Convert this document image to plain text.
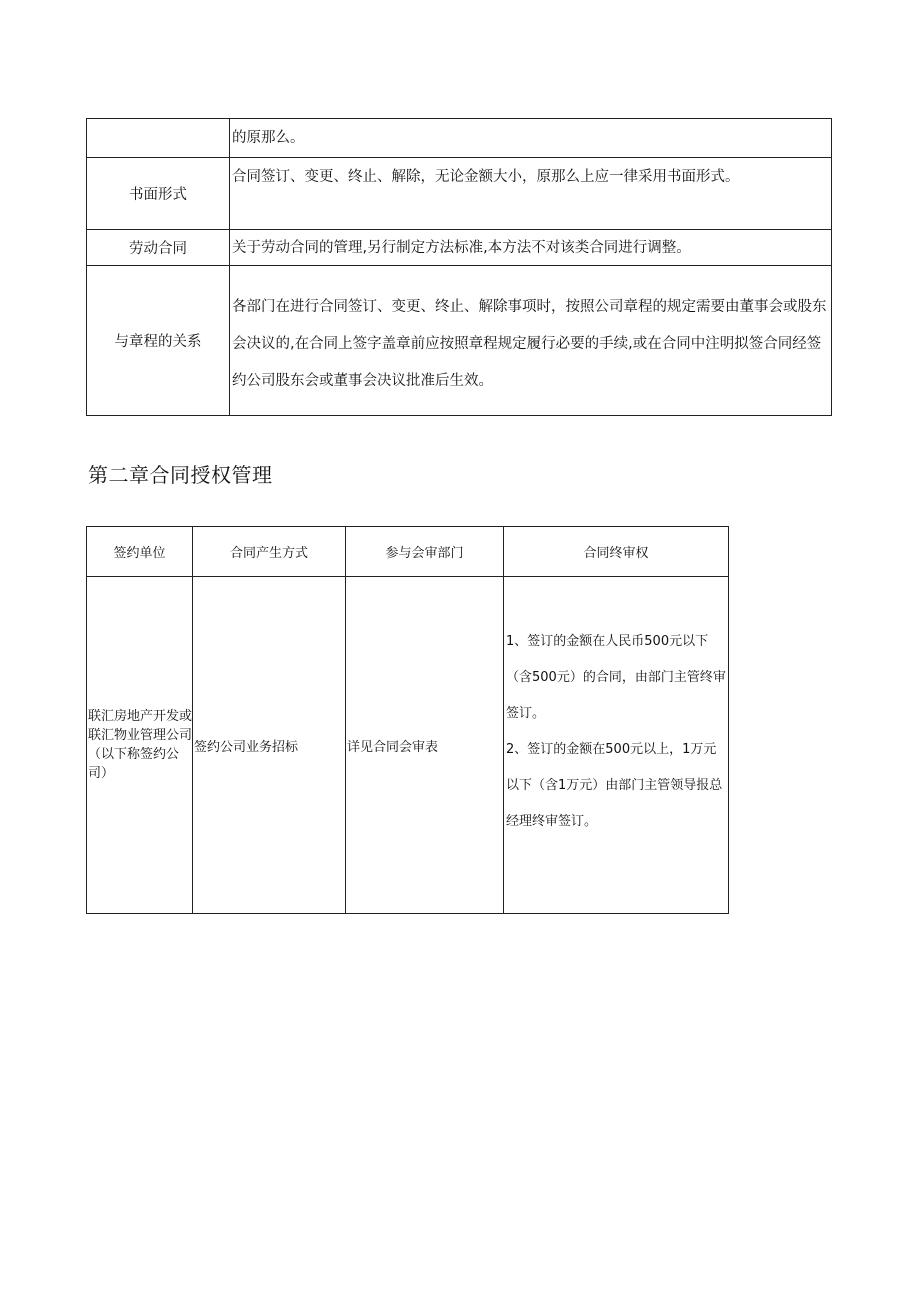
	的原那么。
书面形式	合同签订、变更、终止、解除，无论金额大小，原那么上应一律采用书面形式。
劳动合同	关于劳动合同的管理,另行制定方法标准,本方法不对该类合同进行调整。
与章程的关系	各部门在进行合同签订、变更、终止、解除事项时，按照公司章程的规定需要由董事会或股东会决议的,在合同上签字盖章前应按照章程规定履行必要的手续,或在合同中注明拟签合同经签约公司股东会或董事会决议批准后生效。
第二章合同授权管理
签约单位	合同产生方式	参与会审部门	合同终审权
联汇房地产开发或联汇物业管理公司（以下称签约公司）	签约公司业务招标	详见合同会审表	1、签订的金额在人民币500元以下（含500元）的合同，由部门主管终审签订。
2、签订的金额在500元以上，1万元以下（含1万元）由部门主管领导报总经理终审签订。
